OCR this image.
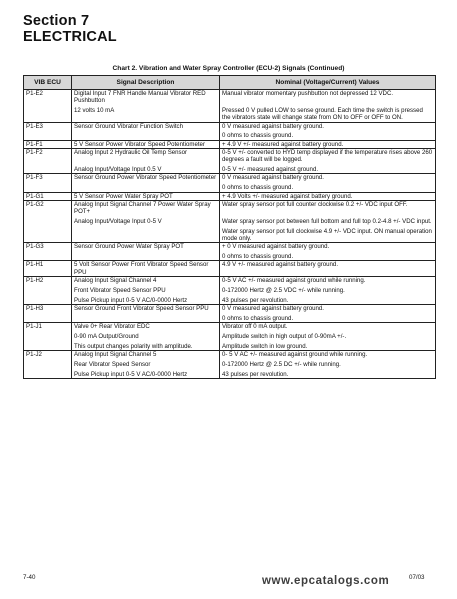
Section 7
ELECTRICAL
Chart 2. Vibration and Water Spray Controller (ECU-2) Signals (Continued)
VIB ECU	Signal Description	Nominal (Voltage/Current) Values
P1-E2	Digital Input 7 FNR Handle Manual Vibrator RED Pushbutton	Manual vibrator momentary pushbutton not depressed 12 VDC.

	12 volts 10 mA	Pressed 0 V pulled LOW to sense ground. Each time the switch is pressed the vibrators state will change state from ON to OFF or OFF to ON.
P1-E3	Sensor Ground Vibrator Function Switch	0 V measured against battery ground.

		0 ohms to chassis ground.
P1-F1	5 V Sensor Power Vibrator Speed Potentiometer	+ 4.9 V +/- measured against battery ground.
P1-F2	Analog Input 2 Hydraulic Oil Temp Sensor	0-5 V +/- converted to HYD temp displayed if the temperature rises above 260 degrees a fault will be logged.

	Analog Input/Voltage Input 0.5 V	0-5 V +/- measured against ground.
P1-F3	Sensor Ground Power Vibrator Speed Potentiometer	0 V measured against battery ground.

		0 ohms to chassis ground.
P1-G1	5 V Sensor Power Water Spray POT	+ 4.9 Volts +/- measured against battery ground.
P1-G2	Analog Input Signal Channel 7 Power Water Spray POT+	Water spray sensor pot full counter clockwise 0.2 +/- VDC input OFF.

	Analog Input/Voltage Input 0-5 V	Water spray sensor pot between full bottom and full top 0.2-4.8 +/- VDC input.

		Water spray sensor pot full clockwise 4.9 +/- VDC input. ON manual operation mode only.
P1-G3	Sensor Ground Power Water Spray POT	+ 0 V measured against battery ground.

		0 ohms to chassis ground.
P1-H1	5 Volt Sensor Power Front Vibrator Speed Sensor PPU	4.9 V +/- measured against battery ground.
P1-H2	Analog Input Signal Channel 4	0-5 V AC +/- measured against ground while running.

	Front Vibrator Speed Sensor PPU	0-172000 Hertz @ 2.5 VDC +/- while running.

	Pulse Pickup input 0-5 V AC/0-0000 Hertz	43 pulses per revolution.
P1-H3	Sensor Ground Front Vibrator Speed Sensor PPU	0 V measured against battery ground.

		0 ohms to chassis ground.
P1-J1	Valve 0+ Rear Vibrator EDC	Vibrator off 0 mA output.

	0-90 mA Output/Ground	Amplitude switch in high output of 0-90mA +/-.

	This output changes polarity with amplitude.	Amplitude switch in low ground.
P1-J2	Analog Input Signal Channel 5	0- 5 V AC +/- measured against ground while running.

	Rear Vibrator Speed Sensor	0-172000 Hertz @ 2.5 DC +/- while running.

	Pulse Pickup input 0-5 V AC/0-0000 Hertz	43 pulses per revolution.
7-40	www.epcatalogs.com	07/03
